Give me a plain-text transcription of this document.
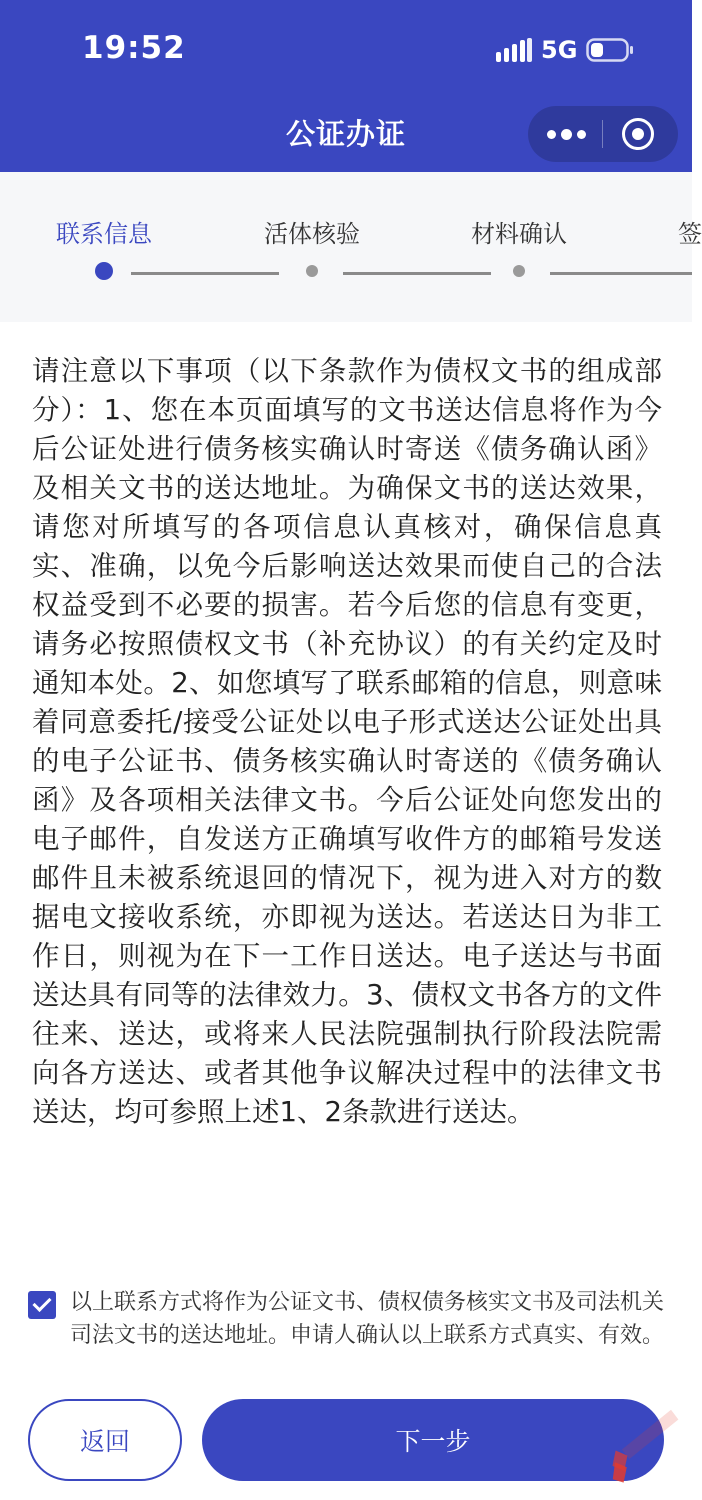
19:52	5G
公证办证
联系信息	活体核验	材料确认	签
请注意以下事项（以下条款作为债权文书的组成部分）：1、您在本页面填写的文书送达信息将作为今后公证处进行债务核实确认时寄送《债务确认函》及相关文书的送达地址。为确保文书的送达效果，请您对所填写的各项信息认真核对，确保信息真实、准确，以免今后影响送达效果而使自己的合法权益受到不必要的损害。若今后您的信息有变更，请务必按照债权文书（补充协议）的有关约定及时通知本处。2、如您填写了联系邮箱的信息，则意味着同意委托/接受公证处以电子形式送达公证处出具的电子公证书、债务核实确认时寄送的《债务确认函》及各项相关法律文书。今后公证处向您发出的电子邮件，自发送方正确填写收件方的邮箱号发送邮件且未被系统退回的情况下，视为进入对方的数据电文接收系统，亦即视为送达。若送达日为非工作日，则视为在下一工作日送达。电子送达与书面送达具有同等的法律效力。3、债权文书各方的文件往来、送达，或将来人民法院强制执行阶段法院需向各方送达、或者其他争议解决过程中的法律文书送达，均可参照上述1、2条款进行送达。
以上联系方式将作为公证文书、债权债务核实文书及司法机关司法文书的送达地址。申请人确认以上联系方式真实、有效。
返回	下一步
